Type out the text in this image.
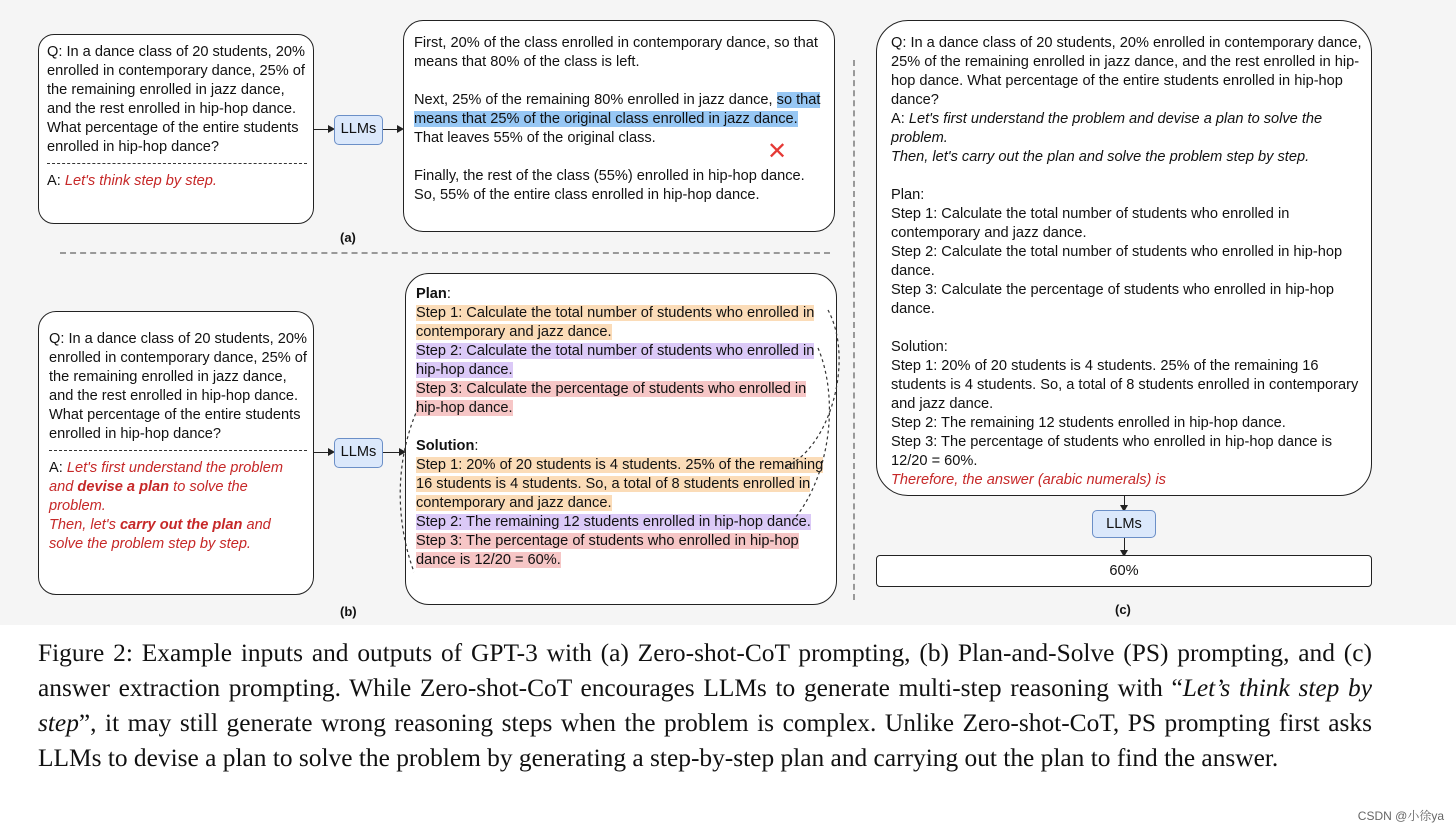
Q: In a dance class of 20 students, 20% enrolled in contemporary dance, 25% of the remaining enrolled in jazz dance, and the rest enrolled in hip-hop dance. What percentage of the entire students enrolled in hip-hop dance?

A: Let's think step by step.

LLMs

First, 20% of the class enrolled in contemporary dance, so that means that 80% of the class is left.

Next, 25% of the remaining 80% enrolled in jazz dance, so that means that 25% of the original class enrolled in jazz dance. That leaves 55% of the original class.

Finally, the rest of the class (55%) enrolled in hip-hop dance. So, 55% of the entire class enrolled in hip-hop dance.

✕
(a)

Q: In a dance class of 20 students, 20% enrolled in contemporary dance, 25% of the remaining enrolled in jazz dance, and the rest enrolled in hip-hop dance. What percentage of the entire students enrolled in hip-hop dance?

A: Let's first understand the problem and devise a plan to solve the problem.
Then, let's carry out the plan and solve the problem step by step.

LLMs

Plan:

Step 1: Calculate the total number of students who enrolled in contemporary and jazz dance.

Step 2: Calculate the total number of students who enrolled in hip-hop dance.

Step 3: Calculate the percentage of students who enrolled in hip-hop dance.

Solution:

Step 1: 20% of 20 students is 4 students. 25% of the remaining 16 students is 4 students. So, a total of 8 students enrolled in contemporary and jazz dance.

Step 2: The remaining 12 students enrolled in hip-hop dance.

Step 3: The percentage of students who enrolled in hip-hop dance is 12/20 = 60%.

(b)

Q: In a dance class of 20 students, 20% enrolled in contemporary dance, 25% of the remaining enrolled in jazz dance, and the rest enrolled in hip-hop dance. What percentage of the entire students enrolled in hip-hop dance?

A: Let's first understand the problem and devise a plan to solve the problem.
Then, let's carry out the plan and solve the problem step by step.

Plan:

Step 1: Calculate the total number of students who enrolled in contemporary and jazz dance.

Step 2: Calculate the total number of students who enrolled in hip-hop dance.

Step 3: Calculate the percentage of students who enrolled in hip-hop dance.

Solution:

Step 1: 20% of 20 students is 4 students. 25% of the remaining 16 students is 4 students. So, a total of 8 students enrolled in contemporary and jazz dance.

Step 2: The remaining 12 students enrolled in hip-hop dance.

Step 3: The percentage of students who enrolled in hip-hop dance is 12/20 = 60%.

Therefore, the answer (arabic numerals) is

LLMs
60%
(c)
Figure 2: Example inputs and outputs of GPT-3 with (a) Zero-shot-CoT prompting, (b) Plan-and-Solve (PS) prompting, and (c) answer extraction prompting. While Zero-shot-CoT encourages LLMs to generate multi-step reasoning with “Let’s think step by step”, it may still generate wrong reasoning steps when the problem is complex. Unlike Zero-shot-CoT, PS prompting first asks LLMs to devise a plan to solve the problem by generating a step-by-step plan and carrying out the plan to find the answer.
CSDN @小徐ya
